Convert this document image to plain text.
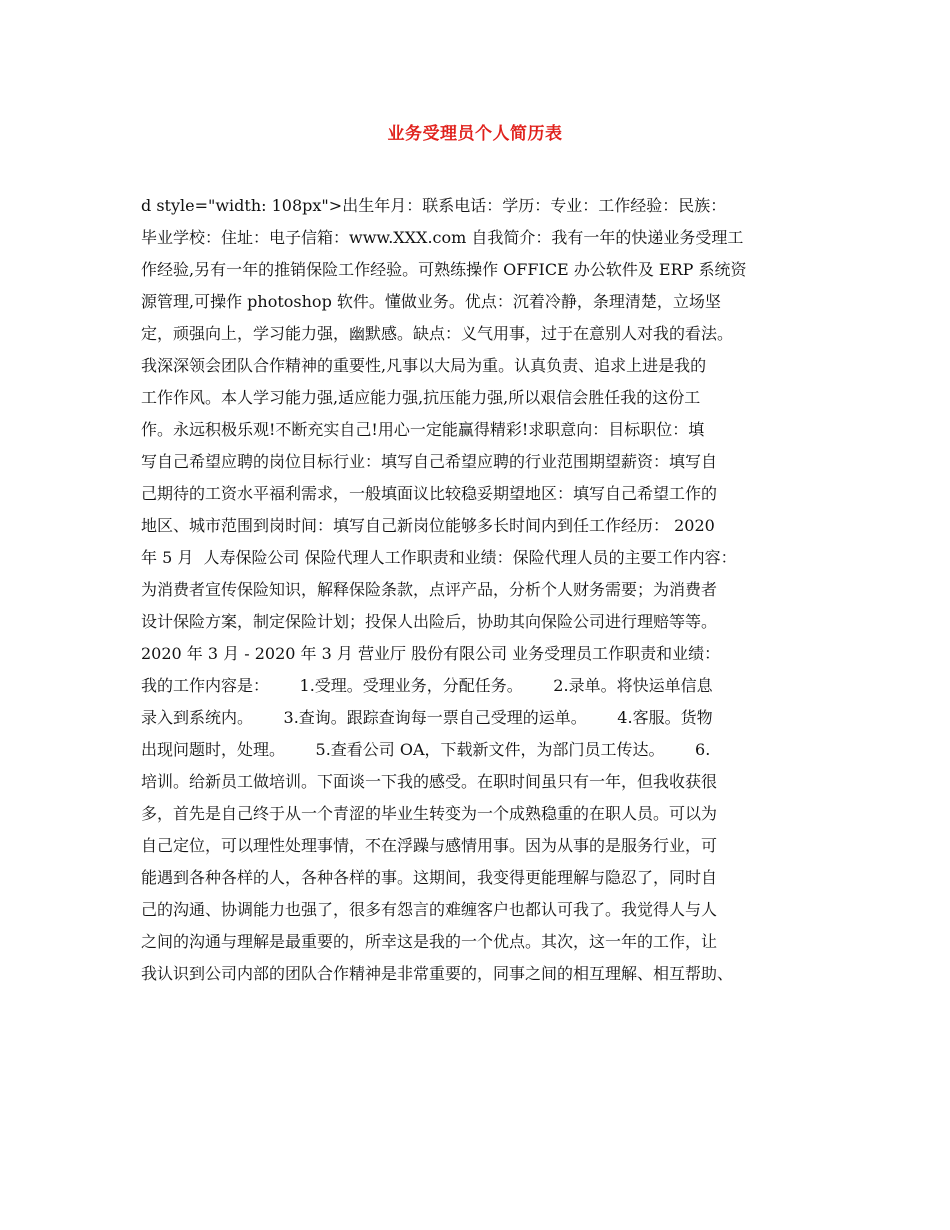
业务受理员个人简历表
d style="width: 108px">出生年月：联系电话：学历：专业：工作经验：民族：
毕业学校：住址：电子信箱：www.XXX.com 自我简介：我有一年的快递业务受理工
作经验,另有一年的推销保险工作经验。可熟练操作 OFFICE 办公软件及 ERP 系统资
源管理,可操作 photoshop 软件。懂做业务。优点：沉着冷静，条理清楚，立场坚
定，顽强向上，学习能力强，幽默感。缺点：义气用事，过于在意别人对我的看法。
我深深领会团队合作精神的重要性,凡事以大局为重。认真负责、追求上进是我的
工作作风。本人学习能力强,适应能力强,抗压能力强,所以艰信会胜任我的这份工
作。永远积极乐观!不断充实自己!用心一定能赢得精彩!求职意向：目标职位：填
写自己希望应聘的岗位目标行业：填写自己希望应聘的行业范围期望薪资：填写自
己期待的工资水平福利需求，一般填面议比较稳妥期望地区：填写自己希望工作的
地区、城市范围到岗时间：填写自己新岗位能够多长时间内到任工作经历： 2020
年 5 月  人寿保险公司 保险代理人工作职责和业绩：保险代理人员的主要工作内容：
为消费者宣传保险知识，解释保险条款，点评产品，分析个人财务需要；为消费者
设计保险方案，制定保险计划；投保人出险后，协助其向保险公司进行理赔等等。
2020 年 3 月 - 2020 年 3 月 营业厅 股份有限公司 业务受理员工作职责和业绩：
我的工作内容是：      1.受理。受理业务，分配任务。      2.录单。将快运单信息
录入到系统内。      3.查询。跟踪查询每一票自己受理的运单。      4.客服。货物
出现问题时，处理。      5.查看公司 OA，下载新文件，为部门员工传达。      6.
培训。给新员工做培训。下面谈一下我的感受。在职时间虽只有一年，但我收获很
多，首先是自己终于从一个青涩的毕业生转变为一个成熟稳重的在职人员。可以为
自己定位，可以理性处理事情，不在浮躁与感情用事。因为从事的是服务行业，可
能遇到各种各样的人，各种各样的事。这期间，我变得更能理解与隐忍了，同时自
己的沟通、协调能力也强了，很多有怨言的难缠客户也都认可我了。我觉得人与人
之间的沟通与理解是最重要的，所幸这是我的一个优点。其次，这一年的工作，让
我认识到公司内部的团队合作精神是非常重要的，同事之间的相互理解、相互帮助、
